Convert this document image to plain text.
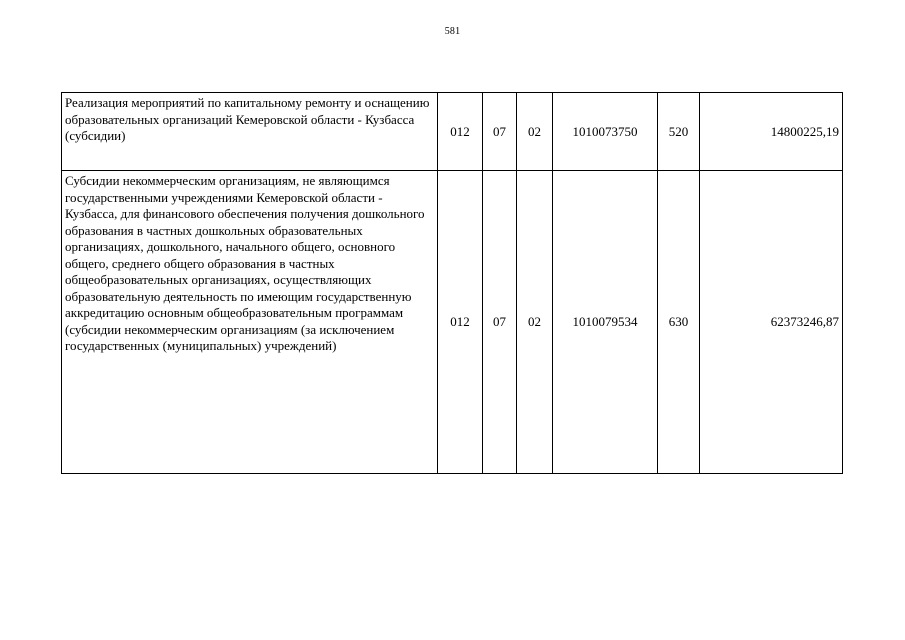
581
Реализация мероприятий по капитальному ремонту и оснащению образовательных организаций Кемеровской области - Кузбасса (субсидии)	012	07	02	1010073750	520	14800225,19
Субсидии некоммерческим организациям, не являющимся государственными учреждениями Кемеровской области - Кузбасса, для финансового обеспечения получения дошкольного образования в частных дошкольных образовательных организациях, дошкольного, начального общего, основного общего, среднего общего образования в частных общеобразовательных организациях, осуществляющих образовательную деятельность по имеющим государственную аккредитацию основным общеобразовательным программам (субсидии некоммерческим организациям (за исключением государственных (муниципальных) учреждений)	012	07	02	1010079534	630	62373246,87
